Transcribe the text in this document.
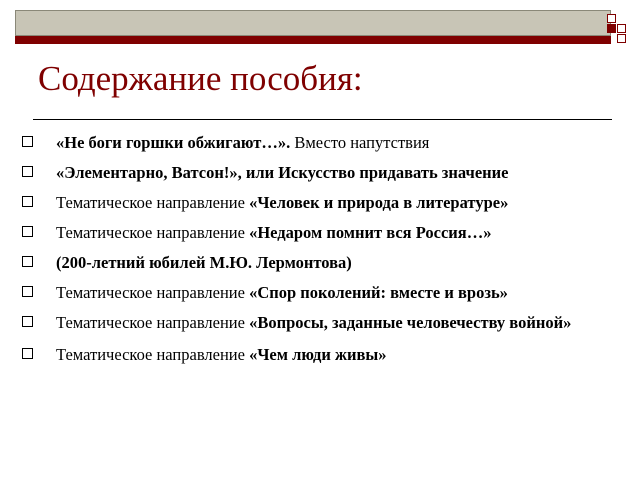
Содержание пособия:
«Не боги горшки обжигают…». Вместо напутствия
«Элементарно, Ватсон!», или Искусство придавать значение
Тематическое направление «Человек и природа в литературе»
Тематическое направление «Недаром помнит вся Россия…»
(200-летний юбилей М.Ю. Лермонтова)
Тематическое направление «Спор поколений: вместе и врозь»
Тематическое направление «Вопросы, заданные человечеству войной»
Тематическое направление «Чем люди живы»
